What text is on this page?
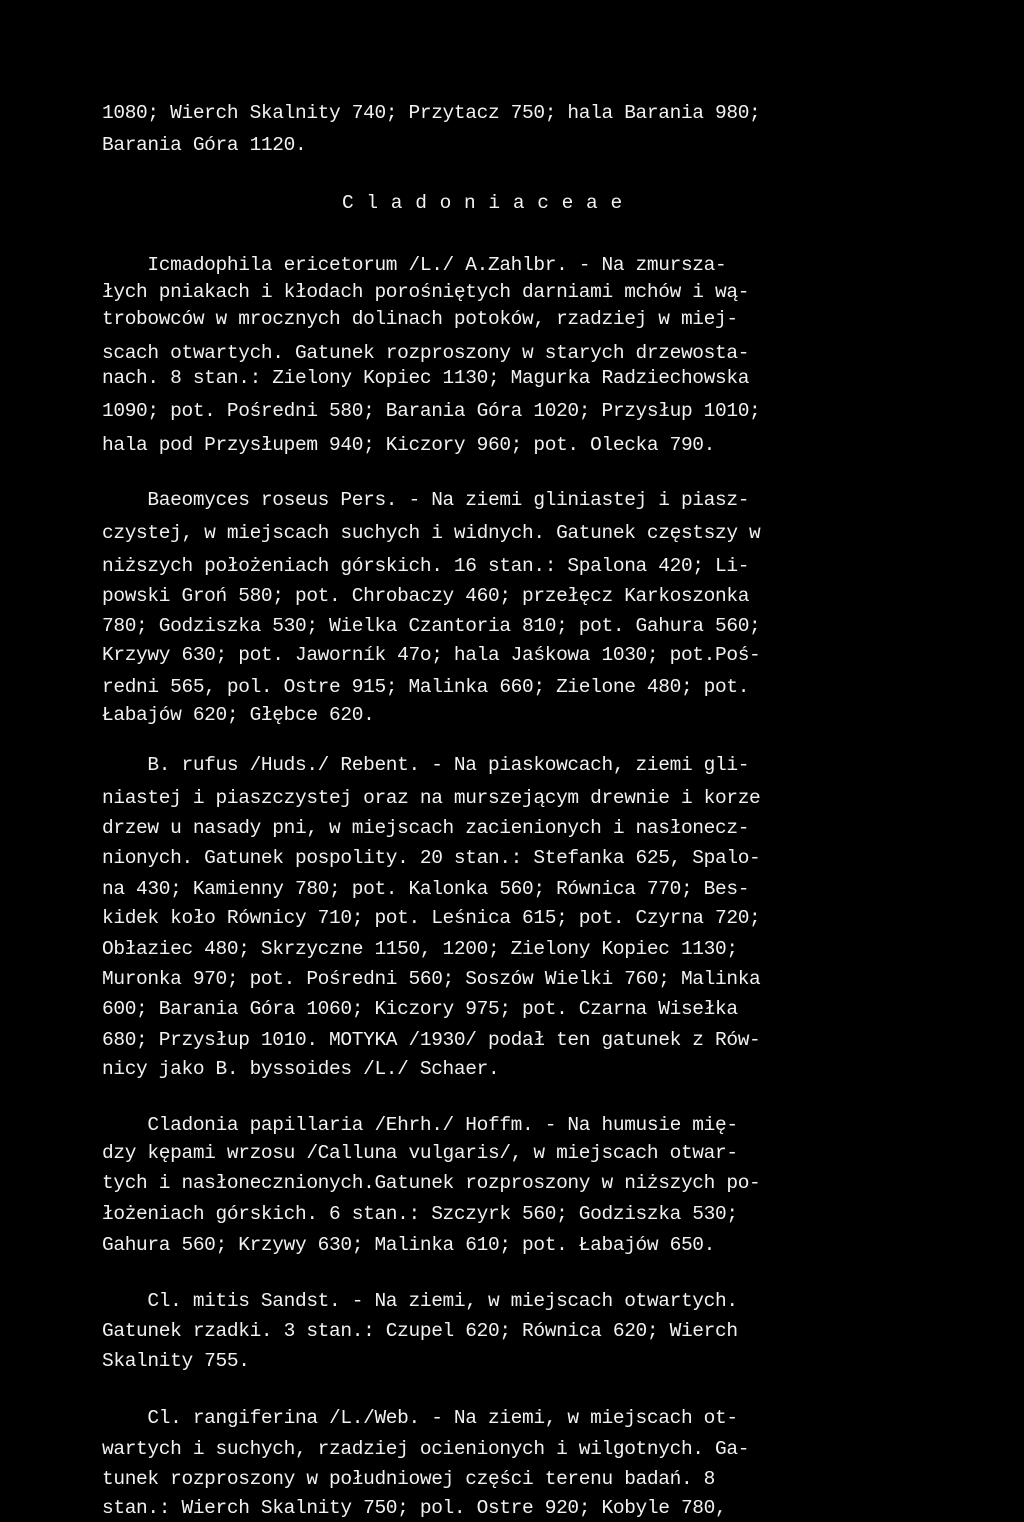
1080; Wierch Skalnity 740; Przytacz 750; hala Barania 980;
Barania Góra 1120.
C l a d o n i a c e a e
Icmadophila ericetorum /L./ A.Zahlbr. - Na zmursza-
łych pniakach i kłodach porośniętych darniami mchów i wą-
trobowców w mrocznych dolinach potoków, rzadziej w miej-
scach otwartych. Gatunek rozproszony w starych drzewosta-
nach. 8 stan.: Zielony Kopiec 1130; Magurka Radziechowska
1090; pot. Pośredni 580; Barania Góra 1020; Przysłup 1010;
hala pod Przysłupem 940; Kiczory 960; pot. Olecka 790.
Baeomyces roseus Pers. - Na ziemi gliniastej i piasz-
czystej, w miejscach suchych i widnych. Gatunek częstszy w
niższych położeniach górskich. 16 stan.: Spalona 420; Li-
powski Groń 580; pot. Chrobaczy 460; przełęcz Karkoszonka
780; Godziszka 530; Wielka Czantoria 810; pot. Gahura 560;
Krzywy 630; pot. Jaworník 47o; hala Jaśkowa 1030; pot.Poś-
redni 565, pol. Ostre 915; Malinka 660; Zielone 480; pot.
Łabajów 620; Głębce 620.
B. rufus /Huds./ Rebent. - Na piaskowcach, ziemi gli-
niastej i piaszczystej oraz na murszejącym drewnie i korze
drzew u nasady pni, w miejscach zacienionych i nasłonecz-
nionych. Gatunek pospolity. 20 stan.: Stefanka 625, Spalo-
na 430; Kamienny 780; pot. Kalonka 560; Równica 770; Bes-
kidek koło Równicy 710; pot. Leśnica 615; pot. Czyrna 720;
Obłaziec 480; Skrzyczne 1150, 1200; Zielony Kopiec 1130;
Muronka 970; pot. Pośredni 560; Soszów Wielki 760; Malinka
600; Barania Góra 1060; Kiczory 975; pot. Czarna Wisełka
680; Przysłup 1010. MOTYKA /1930/ podał ten gatunek z Rów-
nicy jako B. byssoides /L./ Schaer.
Cladonia papillaria /Ehrh./ Hoffm. - Na humusie mię-
dzy kępami wrzosu /Calluna vulgaris/, w miejscach otwar-
tych i nasłonecznionych.Gatunek rozproszony w niższych po-
łożeniach górskich. 6 stan.: Szczyrk 560; Godziszka 530;
Gahura 560; Krzywy 630; Malinka 610; pot. Łabajów 650.
Cl. mitis Sandst. - Na ziemi, w miejscach otwartych.
Gatunek rzadki. 3 stan.: Czupel 620; Równica 620; Wierch
Skalnity 755.
Cl. rangiferina /L./Web. - Na ziemi, w miejscach ot-
wartych i suchych, rzadziej ocienionych i wilgotnych. Ga-
tunek rozproszony w południowej części terenu badań. 8
stan.: Wierch Skalnity 750; pol. Ostre 920; Kobyle 780,
